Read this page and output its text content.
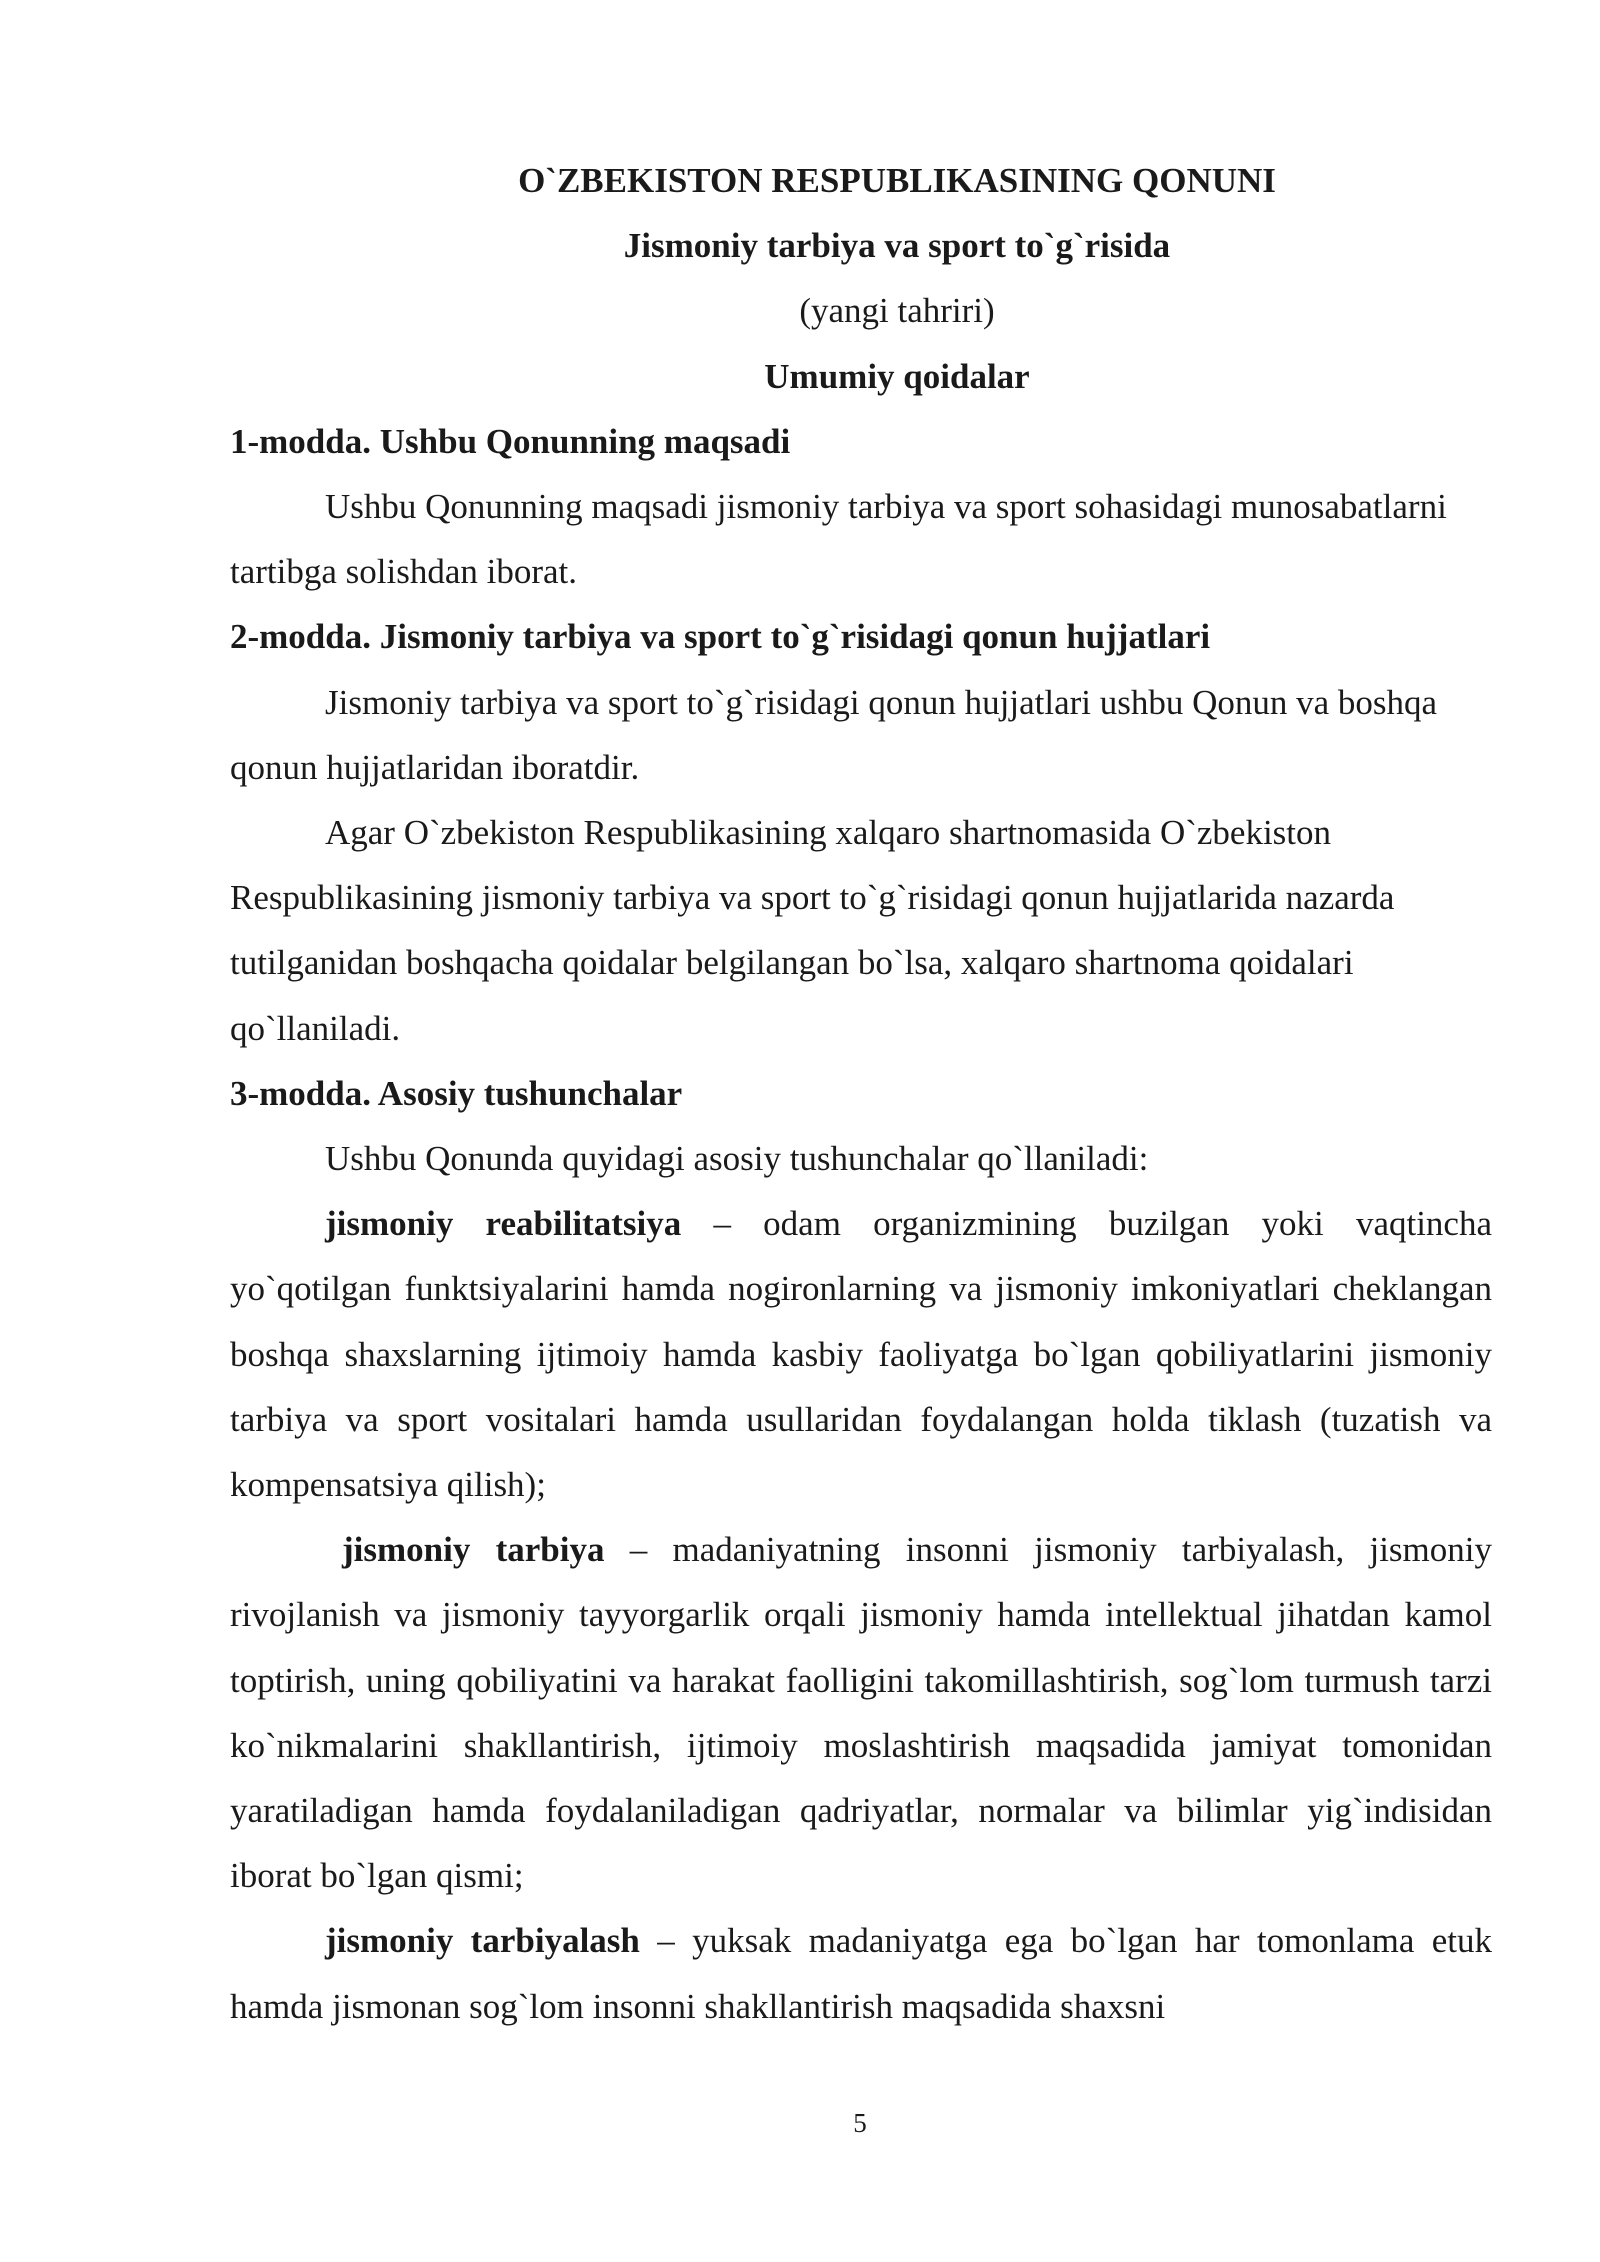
O`ZBEKISTON RESPUBLIKASINING QONUNI

Jismoniy tarbiya va sport to`g`risida

(yangi tahriri)

Umumiy qoidalar

1-modda. Ushbu Qonunning maqsadi

Ushbu Qonunning maqsadi jismoniy tarbiya va sport sohasidagi munosabatlarni tartibga solishdan iborat.

2-modda. Jismoniy tarbiya va sport to`g`risidagi qonun hujjatlari

Jismoniy tarbiya va sport to`g`risidagi qonun hujjatlari ushbu Qonun va boshqa qonun hujjatlaridan iboratdir.

Agar O`zbekiston Respublikasining xalqaro shartnomasida O`zbekiston Respublikasining jismoniy tarbiya va sport to`g`risidagi qonun hujjatlarida nazarda tutilganidan boshqacha qoidalar belgilangan bo`lsa, xalqaro shartnoma qoidalari qo`llaniladi.

3-modda. Asosiy tushunchalar

Ushbu Qonunda quyidagi asosiy tushunchalar qo`llaniladi:

jismoniy reabilitatsiya – odam organizmining buzilgan yoki vaqtincha yo`qotilgan funktsiyalarini hamda nogironlarning va jismoniy imkoniyatlari cheklangan boshqa shaxslarning ijtimoiy hamda kasbiy faoliyatga bo`lgan qobiliyatlarini jismoniy tarbiya va sport vositalari hamda usullaridan foydalangan holda tiklash (tuzatish va kompensatsiya qilish);

jismoniy tarbiya – madaniyatning insonni jismoniy tarbiyalash, jismoniy rivojlanish va jismoniy tayyorgarlik orqali jismoniy hamda intellektual jihatdan kamol toptirish, uning qobiliyatini va harakat faolligini takomillashtirish, sog`lom turmush tarzi ko`nikmalarini shakllantirish, ijtimoiy moslashtirish maqsadida jamiyat tomonidan yaratiladigan hamda foydalaniladigan qadriyatlar, normalar va bilimlar yig`indisidan iborat bo`lgan qismi;

jismoniy tarbiyalash – yuksak madaniyatga ega bo`lgan har tomonlama etuk hamda jismonan sog`lom insonni shakllantirish maqsadida shaxsni

5
